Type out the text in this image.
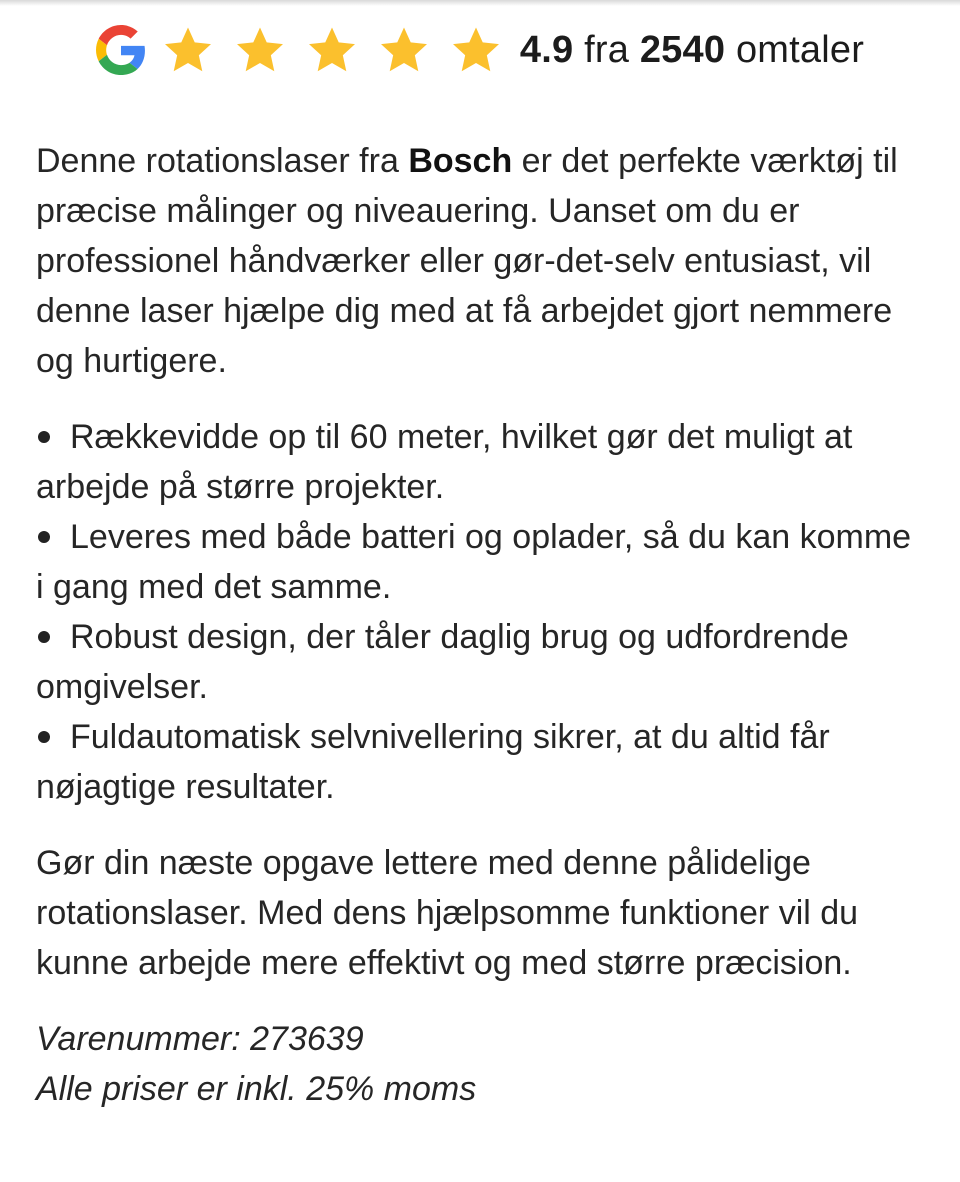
4.9 fra 2540 omtaler

Denne rotationslaser fra Bosch er det perfekte værktøj til præcise målinger og niveauering. Uanset om du er professionel håndværker eller gør-det-selv entusiast, vil denne laser hjælpe dig med at få arbejdet gjort nemmere og hurtigere.

Rækkevidde op til 60 meter, hvilket gør det muligt at arbejde på større projekter.
Leveres med både batteri og oplader, så du kan komme i gang med det samme.
Robust design, der tåler daglig brug og udfordrende omgivelser.
Fuldautomatisk selvnivellering sikrer, at du altid får nøjagtige resultater.

Gør din næste opgave lettere med denne pålidelige rotationslaser. Med dens hjælpsomme funktioner vil du kunne arbejde mere effektivt og med større præcision.

Varenummer: 273639
Alle priser er inkl. 25% moms
